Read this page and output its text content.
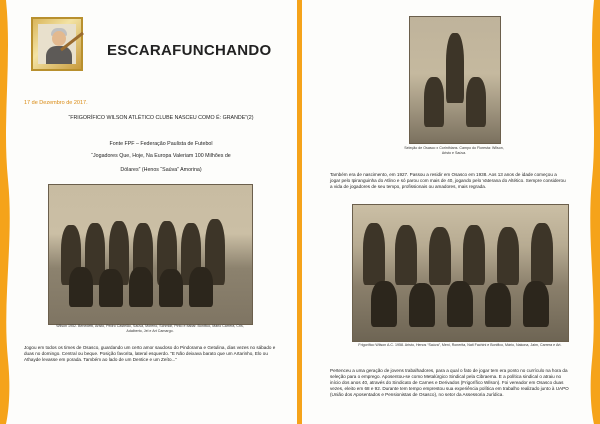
ESCARAFUNCHANDO
17 de Dezembro de 2017.
“FRIGORÍFICO WILSON ATLÉTICO CLUBE NASCEU COMO É: GRANDE”(2)
Fonte FPF – Federação Paulista de Futebol
“Jogadores Que, Hoje, Na Europa Valeriam 100 Milhões de
Dólares” (Henos “Saúva” Amorina)
Wilson 1952. Benedetti, Aristo, Pedro Castelão, Saúva, Moreno, Schmidt, Pinto e Itabar. Bonifico, Mário Carrera, Cris, Adalberto, Jel e Art Camargo.
Jogou em todos os times de Osasco, guardando um certo amor saudoso do Pindorama e Getulina, dias vezes no sábado e duas no domingo. Central ou beque. Posição favorita, lateral esquerdo. “E Não deixava barato que um Artarinho, Elo ou Athayde levasse em porada. Também ao lado de um Dentice e um Zeíto...”
Seleção de Osasco x Corinthians. Campo do Floresta: Wilson, Aristo e Saúva.
Também era de nascimento, em 1927. Passou a residir em Osasco em 1938. Aos 13 anos de idade começou a jogar pelo Ipiranguinha do Atlino e só parou com mais de 40, jogando pelo Vaterana do Altético. Sempre considerou a vida de jogadores de seu tempo, profissionais ou amadores, mais regrada.
Frigorífico Wilson A.C. 1958. Aristo, Henos “Saúva”, Meni, Ronerita, Nati Fachini e Bonifico, Mário, Nakona, Jaim, Carrera e Art.
Pertenceu a uma geração de jovens trabalhadores, para a qual o fato de jogar tem era ponto no currículo na hora da seleção para o emprego. Aposentou-se como Metalúrgico Sindical pela Cibraema. E a política sindical o atraiu no início dos anos 40, através do Sindicato de Carnes e Derivados (Frigorífico Wilson). Foi vereador em Osasco duas vezes, eleito em 68 e 92. Durante tem tempo emprestou sua experiência política em trabalho realizado junto à UAPO (União dos Aposentados e Pensionistas de Osasco), no setor da Assessoria Jurídica.
